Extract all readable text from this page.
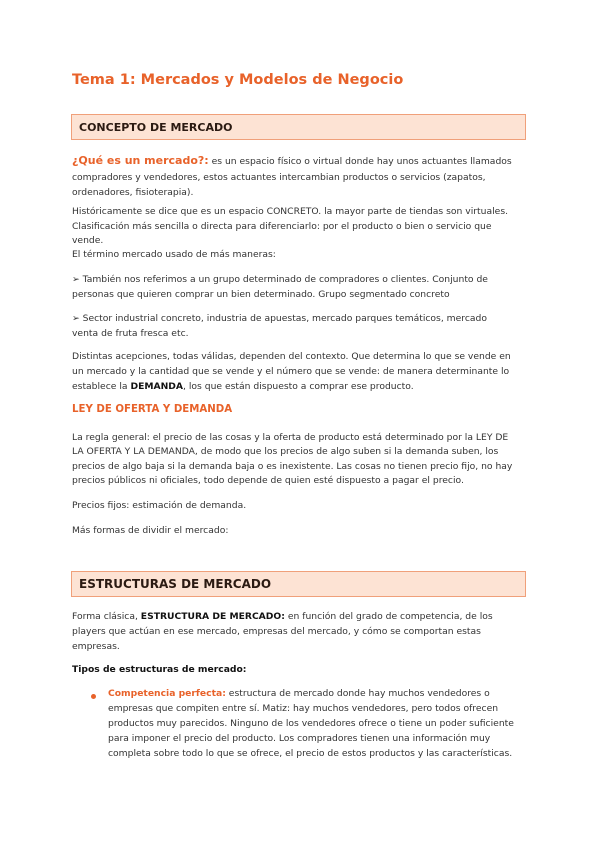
Tema 1: Mercados y Modelos de Negocio
CONCEPTO DE MERCADO
¿Qué es un mercado?: es un espacio físico o virtual donde hay unos actuantes llamados
compradores y vendedores, estos actuantes intercambian productos o servicios (zapatos,
ordenadores, fisioterapia).
Históricamente se dice que es un espacio CONCRETO. la mayor parte de tiendas son virtuales.
Clasificación más sencilla o directa para diferenciarlo: por el producto o bien o servicio que
vende.
El término mercado usado de más maneras:
➢ También nos referimos a un grupo determinado de compradores o clientes. Conjunto de
personas que quieren comprar un bien determinado. Grupo segmentado concreto
➢ Sector industrial concreto, industria de apuestas, mercado parques temáticos, mercado
venta de fruta fresca etc.
Distintas acepciones, todas válidas, dependen del contexto. Que determina lo que se vende en
un mercado y la cantidad que se vende y el número que se vende: de manera determinante lo
establece la DEMANDA, los que están dispuesto a comprar ese producto.
LEY DE OFERTA Y DEMANDA
La regla general: el precio de las cosas y la oferta de producto está determinado por la LEY DE
LA OFERTA Y LA DEMANDA, de modo que los precios de algo suben si la demanda suben, los
precios de algo baja si la demanda baja o es inexistente. Las cosas no tienen precio fijo, no hay
precios públicos ni oficiales, todo depende de quien esté dispuesto a pagar el precio.
Precios fijos: estimación de demanda.
Más formas de dividir el mercado:
ESTRUCTURAS DE MERCADO
Forma clásica, ESTRUCTURA DE MERCADO: en función del grado de competencia, de los
players que actúan en ese mercado, empresas del mercado, y cómo se comportan estas
empresas.
Tipos de estructuras de mercado:
Competencia perfecta: estructura de mercado donde hay muchos vendedores o
empresas que compiten entre sí. Matiz: hay muchos vendedores, pero todos ofrecen
productos muy parecidos. Ninguno de los vendedores ofrece o tiene un poder suficiente
para imponer el precio del producto. Los compradores tienen una información muy
completa sobre todo lo que se ofrece, el precio de estos productos y las características.
